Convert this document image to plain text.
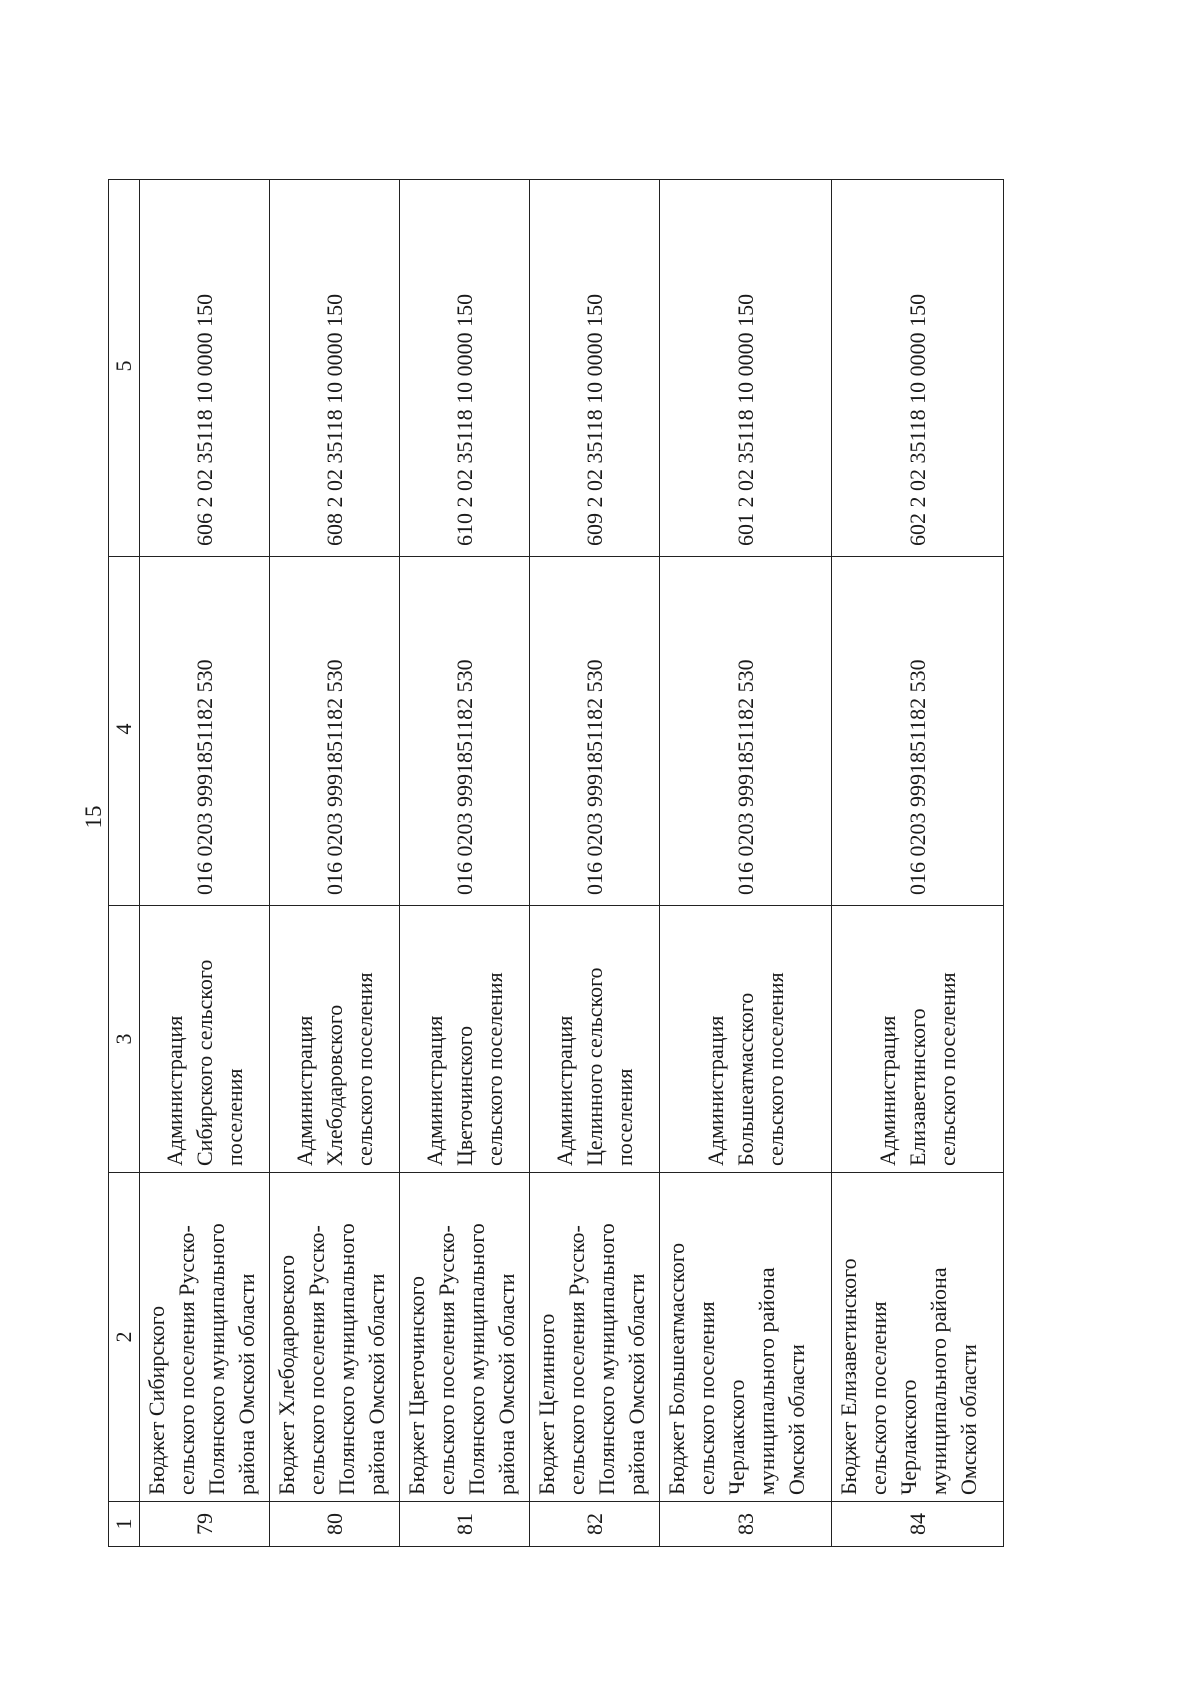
15
1	2	3	4	5
79	Бюджет Сибирского
сельского поселения Русско-
Полянского муниципального
района Омской области	Администрация
Сибирского сельского
поселения	016 0203 9991851182 530	606 2 02 35118 10 0000 150
80	Бюджет Хлебодаровского
сельского поселения Русско-
Полянского муниципального
района Омской области	Администрация
Хлебодаровского
сельского поселения	016 0203 9991851182 530	608 2 02 35118 10 0000 150
81	Бюджет Цветочинского
сельского поселения Русско-
Полянского муниципального
района Омской области	Администрация
Цветочинского
сельского поселения	016 0203 9991851182 530	610 2 02 35118 10 0000 150
82	Бюджет Целинного
сельского поселения Русско-
Полянского муниципального
района Омской области	Администрация
Целинного сельского
поселения	016 0203 9991851182 530	609 2 02 35118 10 0000 150
83	Бюджет Большеатмасского
сельского поселения
Черлакского
муниципального района
Омской области	Администрация
Большеатмасского
сельского поселения	016 0203 9991851182 530	601 2 02 35118 10 0000 150
84	Бюджет Елизаветинского
сельского поселения
Черлакского
муниципального района
Омской области	Администрация
Елизаветинского
сельского поселения	016 0203 9991851182 530	602 2 02 35118 10 0000 150
